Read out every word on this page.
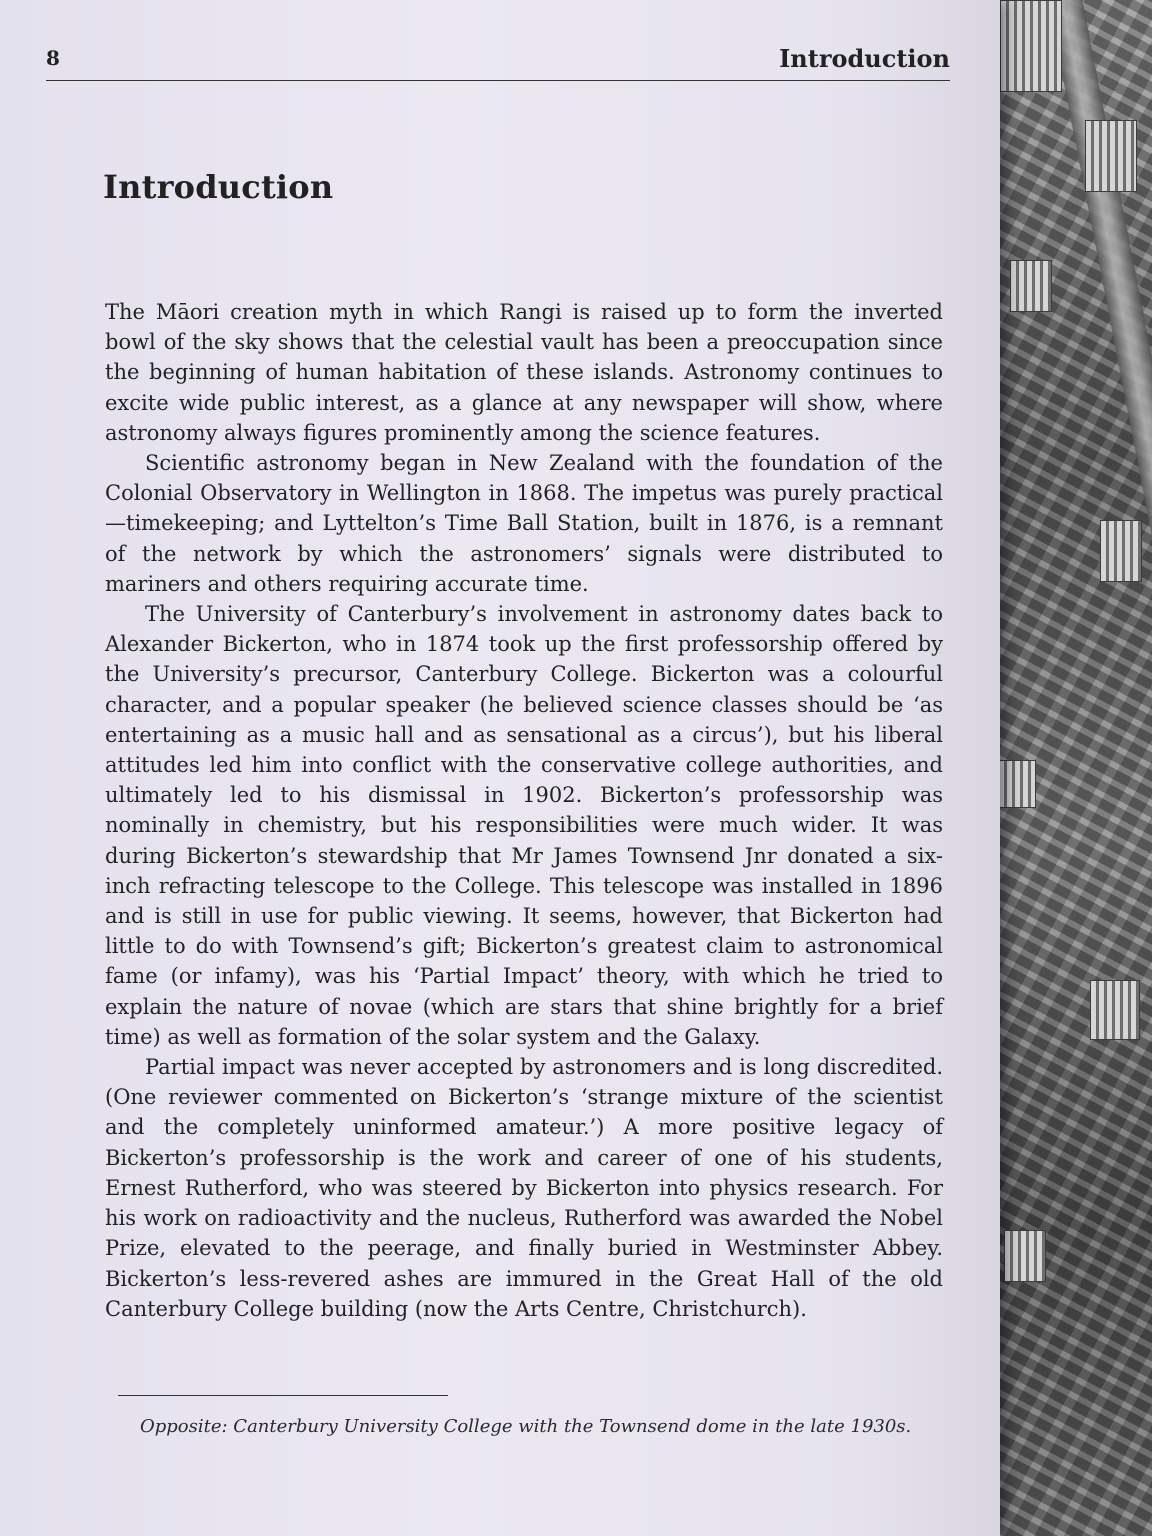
8	Introduction
Introduction

The Māori creation myth in which Rangi is raised up to form the inverted bowl of the sky shows that the celestial vault has been a preoccupation since the beginning of human habitation of these islands. Astronomy continues to excite wide public interest, as a glance at any newspaper will show, where astronomy always figures prominently among the science features.

Scientific astronomy began in New Zealand with the foundation of the Colonial Observatory in Wellington in 1868. The impetus was purely practical—timekeeping; and Lyttelton’s Time Ball Station, built in 1876, is a remnant of the network by which the astronomers’ signals were distributed to mariners and others requiring accurate time.

The University of Canterbury’s involvement in astronomy dates back to Alexander Bickerton, who in 1874 took up the first professorship offered by the University’s precursor, Canterbury College. Bickerton was a colourful character, and a popular speaker (he believed science classes should be ‘as entertaining as a music hall and as sensational as a circus’), but his liberal attitudes led him into conflict with the conservative college authorities, and ultimately led to his dismissal in 1902. Bickerton’s professorship was nominally in chemistry, but his responsibilities were much wider. It was during Bickerton’s stewardship that Mr James Townsend Jnr donated a six-inch refracting telescope to the College. This telescope was installed in 1896 and is still in use for public viewing. It seems, however, that Bickerton had little to do with Townsend’s gift; Bickerton’s greatest claim to astronomical fame (or infamy), was his ‘Partial Impact’ theory, with which he tried to explain the nature of novae (which are stars that shine brightly for a brief time) as well as formation of the solar system and the Galaxy.

Partial impact was never accepted by astronomers and is long discredited. (One reviewer commented on Bickerton’s ‘strange mixture of the scientist and the completely uninformed amateur.’) A more positive legacy of Bickerton’s professorship is the work and career of one of his students, Ernest Rutherford, who was steered by Bickerton into physics research. For his work on radioactivity and the nucleus, Rutherford was awarded the Nobel Prize, elevated to the peerage, and finally buried in Westminster Abbey. Bickerton’s less-revered ashes are immured in the Great Hall of the old Canterbury College building (now the Arts Centre, Christchurch).

Opposite: Canterbury University College with the Townsend dome in the late 1930s.
